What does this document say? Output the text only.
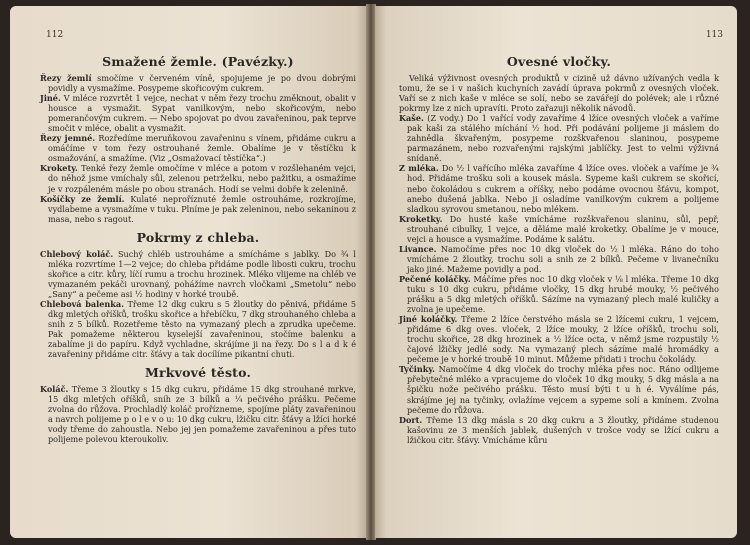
112
Smažené žemle. (Pavézky.)

Řezy žemlí smočíme v červeném víně, spojujeme je po dvou dobrými povidly a vysmažíme. Posypeme skořicovým cukrem.

Jiné. V mléce rozvrtět 1 vejce, nechat v něm řezy trochu změknout, obalit v housce a vysmažit. Sypat vanilkovým, nebo skořicovým, nebo pomerančovým cukrem. — Nebo spojovat po dvou zavařeninou, pak teprve smočit v mléce, obalit a vysmažit.

Řezy jemné. Rozředíme meruňkovou zavařeninu s vínem, přidáme cukru a omáčíme v tom řezy ostrouhané žemle. Obalíme je v těstíčku k osmažování, a smažíme. (Viz „Osmažovací těstíčka“.)

Krokety. Tenké řezy žemle omočíme v mléce a potom v rozšlehaném vejci, do něhož jsme vmíchaly sůl, zelenou petrželku, nebo pažitku, a osmažíme je v rozpáleném másle po obou stranách. Hodí se velmi dobře k zelenině.

Košíčky ze žemlí. Kulaté neproříznuté žemle ostrouháme, rozkrojíme, vydlabeme a vysmažíme v tuku. Plníme je pak zeleninou, nebo sekaninou z masa, nebo s ragout.

Pokrmy z chleba.

Chlebový koláč. Suchý chléb ustrouháme a smícháme s jablky. Do ¾ l mléka rozvrtíme 1—2 vejce; do chleba přidáme podle libosti cukru, trochu skořice a citr. kůry, líčí rumu a trochu hrozinek. Mléko vlijeme na chléb ve vymazaném pekáči urovnaný, pohážíme navrch vločkami „Smetolu“ nebo „Sany“ a pečeme asi ½ hodiny v horké troubě.

Chlebová balenka. Třeme 12 dkg cukru s 5 žloutky do pěnivá, přidáme 5 dkg mletých oříšků, trošku skořice a hřebíčku, 7 dkg strouhaného chleba a snih z 5 bílků. Rozetřeme těsto na vymazaný plech a zprudka upečeme. Pak pomažeme některou kyselejší zavařeninou, stočíme balenku a zabalíme ji do papíru. Když vychladne, skrájíme ji na řezy. Do s l a d k é zavařeniny přidáme citr. šťávy a tak docílíme pikantní chuti.

Mrkvové těsto.

Koláč. Třeme 3 žloutky s 15 dkg cukru, přidáme 15 dkg strouhané mrkve, 15 dkg mletých oříšků, sníh ze 3 bílků a ¼ pečivého prášku. Pečeme zvolna do růžova. Prochladlý koláč prořízneme, spojíme pláty zavařeninou a navrch polijeme p o l e v o u: 10 dkg cukru, lžičku citr. šťávy a lžíci horké vody třeme do zahoustla. Nebo jej jen pomažeme zavařeninou a přes tuto polijeme polevou kteroukoliv.

113
Ovesné vločky.

Veliká výživnost ovesných produktů v cizině už dávno užívaných vedla k tomu, že se i v našich kuchyních zavádí úprava pokrmů z ovesných vloček. Vaří se z nich kaše v mléce se solí, nebo se zavářejí do polévek; ale i různé pokrmy lze z nich upravíti. Proto zařazuji několik návodů.

Kaše. (Z vody.) Do 1 vařící vody zavaříme 4 lžíce ovesných vloček a vaříme pak kaši za stálého míchání ½ hod. Při podávání polijeme ji máslem do zahnědla škvařeným, posypeme rozškvařenou slaninou, posypeme parmazánem, nebo rozvařenými rajskými jablíčky. Jest to velmi výživná snídaně.

Z mléka. Do ½ l vařícího mléka zavaříme 4 lžíce oves. vloček a vaříme je ¾ hod. Přidáme trošku soli a kousek másla. Sypeme kaši cukrem se skořicí, nebo čokoládou s cukrem a oříšky, nebo podáme ovocnou šťávu, kompot, anebo dušená jablka. Nebo ji osladíme vanilkovým cukrem a polijeme sladkou syrovou smetanou, nebo mlékem.

Kroketky. Do husté kaše vmícháme rozškvařenou slaninu, sůl, pepř, strouhané cibulky, 1 vejce, a děláme malé kroketky. Obalíme je v mouce, vejci a housce a vysmažíme. Podáme k salátu.

Livance. Namočíme přes noc 10 dkg vloček do ½ l mléka. Ráno do toho vmícháme 2 žloutky, trochu soli a snih ze 2 bílků. Pečeme v livanečníku jako jiné. Mažeme povidly a pod.

Pečené koláčky. Máčíme přes noc 10 dkg vloček v ⅛ l mléka. Třeme 10 dkg tuku s 10 dkg cukru, přidáme vločky, 15 dkg hrubé mouky, ½ pečivého prášku a 5 dkg mletých oříšků. Sázíme na vymazaný plech malé kuličky a zvolna je upečeme.

Jiné koláčky. Třeme 2 lžíce čerstvého másla se 2 lžícemi cukru, 1 vejcem, přidáme 6 dkg oves. vloček, 2 lžíce mouky, 2 lžíce oříšků, trochu soli, trochu skořice, 28 dkg hrozinek a ½ lžíce octa, v němž jsme rozpustily ½ čajové lžičky jedlé sody. Na vymazaný plech sázíme malé hromádky a pečeme je v horké troubě 10 minut. Můžeme přidati i trochu čokolády.

Tyčinky. Namočíme 4 dkg vloček do trochy mléka přes noc. Ráno odlijeme přebytečné mléko a vpracujeme do vloček 10 dkg mouky, 5 dkg másla a na špičku nože pečivého prášku. Těsto musí býti t u h é. Vyválíme pás, skrájíme jej na tyčinky, ovlažíme vejcem a sypeme solí a kmínem. Zvolna pečeme do růžova.

Dort. Třeme 13 dkg másla s 20 dkg cukru a 3 žloutky, přidáme studenou kašovinu ze 3 menších jablek, dušených v trošce vody se lžící cukru a lžičkou citr. šťávy. Vmícháme kůru
